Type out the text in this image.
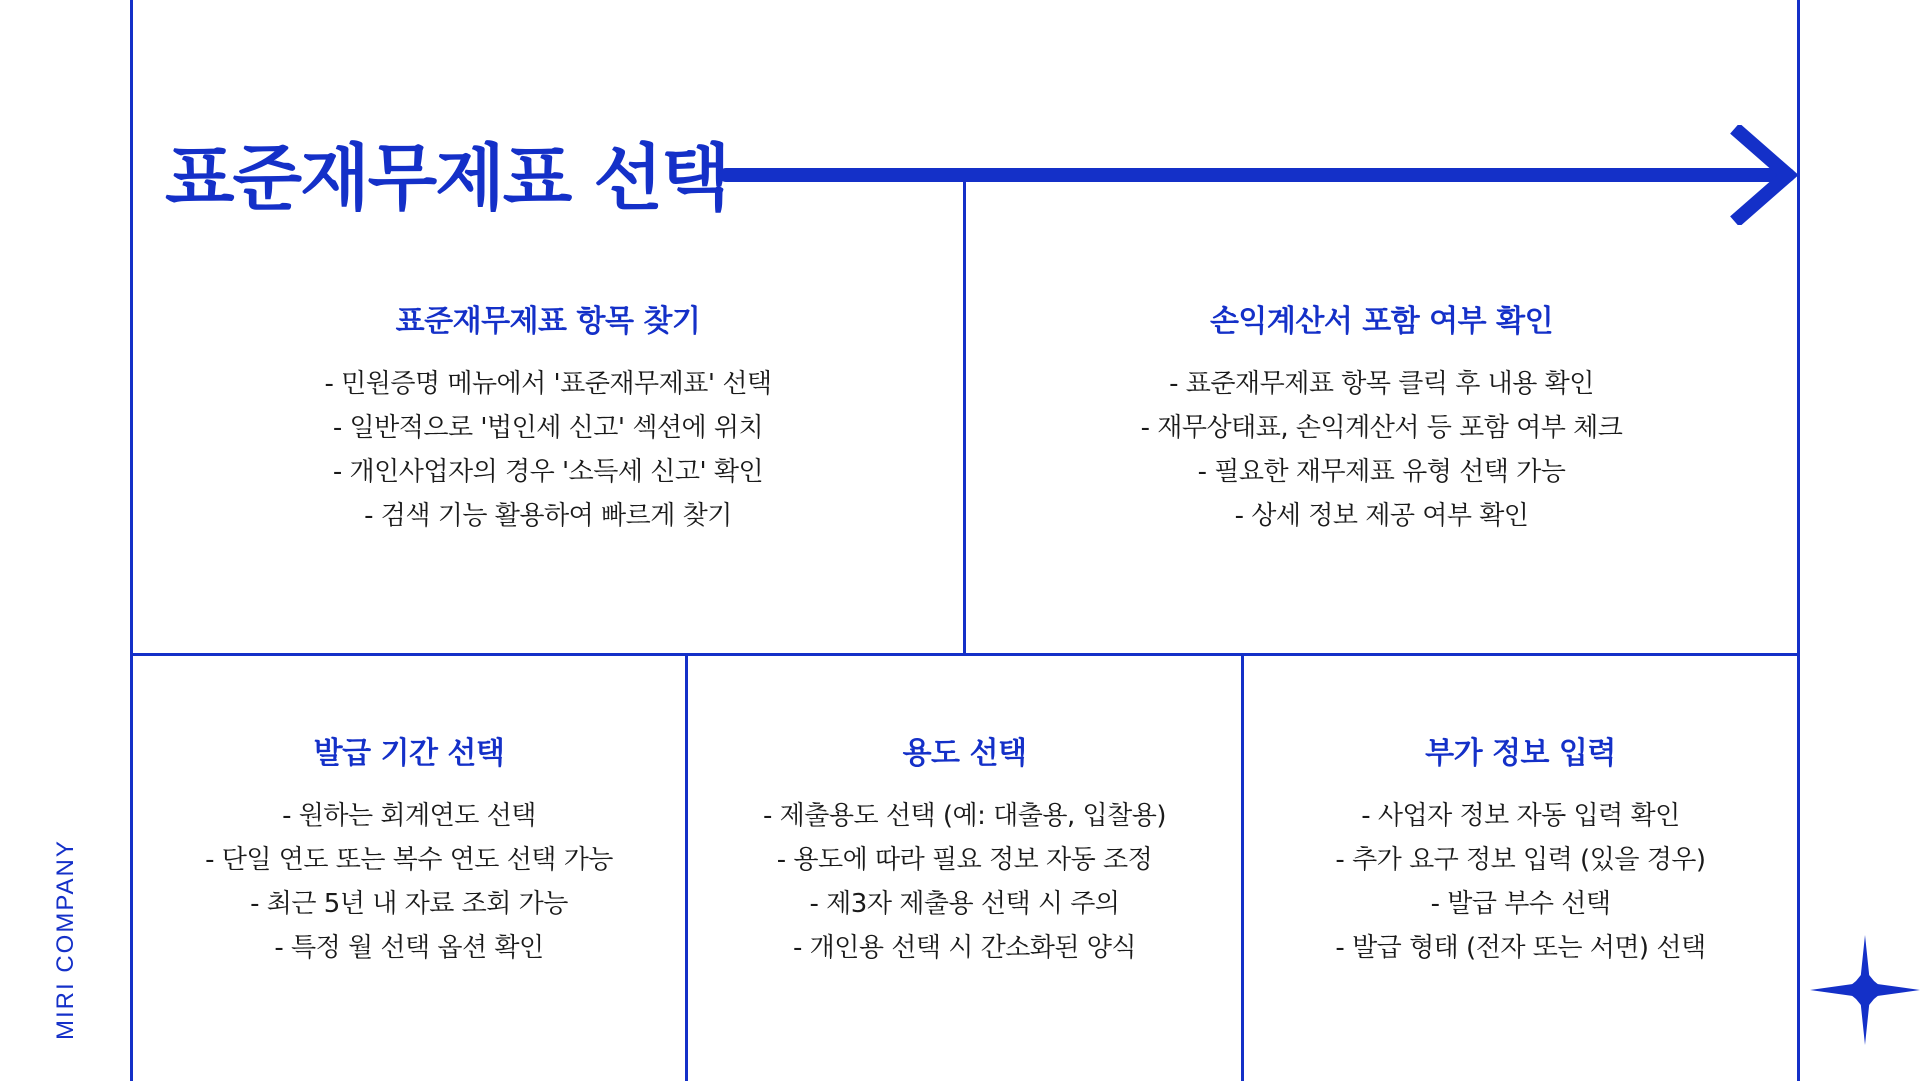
표준재무제표 선택
표준재무제표 항목 찾기
- 민원증명 메뉴에서 '표준재무제표' 선택
- 일반적으로 '법인세 신고' 섹션에 위치
- 개인사업자의 경우 '소득세 신고' 확인
- 검색 기능 활용하여 빠르게 찾기
손익계산서 포함 여부 확인
- 표준재무제표 항목 클릭 후 내용 확인
- 재무상태표, 손익계산서 등 포함 여부 체크
- 필요한 재무제표 유형 선택 가능
- 상세 정보 제공 여부 확인
발급 기간 선택
- 원하는 회계연도 선택
- 단일 연도 또는 복수 연도 선택 가능
- 최근 5년 내 자료 조회 가능
- 특정 월 선택 옵션 확인
용도 선택
- 제출용도 선택 (예: 대출용, 입찰용)
- 용도에 따라 필요 정보 자동 조정
- 제3자 제출용 선택 시 주의
- 개인용 선택 시 간소화된 양식
부가 정보 입력
- 사업자 정보 자동 입력 확인
- 추가 요구 정보 입력 (있을 경우)
- 발급 부수 선택
- 발급 형태 (전자 또는 서면) 선택
MIRI COMPANY
